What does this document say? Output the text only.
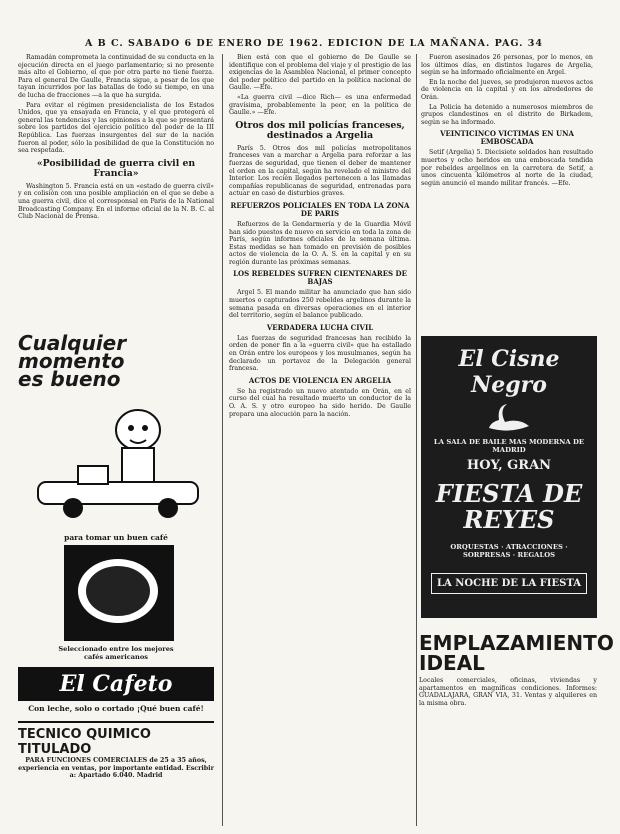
A B C. SABADO 6 DE ENERO DE 1962. EDICION DE LA MAÑANA. PAG. 34

Ramadán comprometa la continuidad de su conducta en la ejecución directa en el juego parlamentario; si no presente más alto el Gobierno, el que por otra parte no tiene fuerza. Para el general De Gaulle, Francia sigue, a pesar de los que tayan incurridos por las batallas de todo su tiempo, en una de lucha de fracciones —a la que ha surgida.

Para evitar el régimen presidencialista de los Estados Unidos, que ya ensayada en Francia, y el que protegerá el general las tendencias y las opiniones a la que se presentará sobre los partidos del ejercicio político del poder de la III República. Las fuerzas insurgentes del sur de la nación fueron al poder, sólo la posibilidad de que la Constitución no sea respetada.

«Posibilidad de guerra civil en Francia»

Washington 5. Francia está en un «estado de guerra civil» y en colisión con una posible ampliación en el que se debe a una guerra civil, dice el corresponsal en Paris de la National Broadcasting Company. En el informe oficial de la N. B. C. al Club Nacional de Prensa.

Cualquier momento es bueno
para tomar un buen café
Seleccionado entre los mejores cafés americanos
El Cafeto
Con leche, solo o cortado ¡Qué buen café!
TECNICO QUIMICO TITULADO
PARA FUNCIONES COMERCIALES de 25 a 35 años, experiencia en ventas, por importante entidad. Escribir a: Apartado 6.040. Madrid

Bien está con que el gobierno de De Gaulle se identifique con el problema del viaje y el prestigio de las exigencias de la Asamblea Nacional, el primer concepto del poder político del partido en la política nacional de Gaulle. —Efe.

«La guerra civil —dice Rich— es una enfermedad gravísima, probablemente la peor, en la política de Gaulle.» —Efe.

Otros dos mil policías franceses, destinados a Argelia

París 5. Otros dos mil policías metropolitanos franceses van a marchar a Argelia para reforzar a las fuerzas de seguridad, que tienen el deber de mantener el orden en la capital, según ha revelado el ministro del Interior. Los recién llegados pertenecen a las llamadas compañías republicanas de seguridad, entrenadas para actuar en caso de disturbios graves.

REFUERZOS POLICIALES EN TODA LA ZONA DE PARIS

Refuerzos de la Gendarmería y de la Guardia Móvil han sido puestos de nuevo en servicio en toda la zona de París, según informes oficiales de la semana última. Estas medidas se han tomado en previsión de posibles actos de violencia de la O. A. S. en la capital y en su región durante las próximas semanas.

LOS REBELDES SUFREN CIENTENARES DE BAJAS

Argel 5. El mando militar ha anunciado que han sido muertos o capturados 250 rebeldes argelinos durante la semana pasada en diversas operaciones en el interior del territorio, según el balance publicado.

VERDADERA LUCHA CIVIL

Las fuerzas de seguridad francesas han recibido la orden de poner fin a la «guerra civil» que ha estallado en Orán entre los europeos y los musulmanes, según ha declarado un portavoz de la Delegación general francesa.

ACTOS DE VIOLENCIA EN ARGELIA

Se ha registrado un nuevo atentado en Orán, en el curso del cual ha resultado muerto un conductor de la O. A. S. y otro europeo ha sido herido. De Gaulle prepara una alocución para la nación.

Fueron asesinados 26 personas, por lo menos, en los últimos días, en distintos lugares de Argelia, según se ha informado oficialmente en Argel.

En la noche del jueves, se produjeron nuevos actos de violencia en la capital y en los alrededores de Orán.

La Policía ha detenido a numerosos miembros de grupos clandestinos en el distrito de Birkadem, según se ha informado.

VEINTICINCO VICTIMAS EN UNA EMBOSCADA

Setif (Argelia) 5. Diecisiete soldados han resultado muertos y ocho heridos en una emboscada tendida por rebeldes argelinos en la carretera de Setif, a unos cincuenta kilómetros al norte de la ciudad, según anunció el mando militar francés. —Efe.

El Cisne Negro
LA SALA DE BAILE MAS MODERNA DE MADRID
HOY, GRAN
FIESTA DE REYES
ORQUESTAS · ATRACCIONES · SORPRESAS · REGALOS
LA NOCHE DE LA FIESTA
EMPLAZAMIENTO IDEAL
Locales comerciales, oficinas, viviendas y apartamentos en magníficas condiciones. Informes: GUADALAJARA, GRAN VIA, 31. Ventas y alquileres en la misma obra.
